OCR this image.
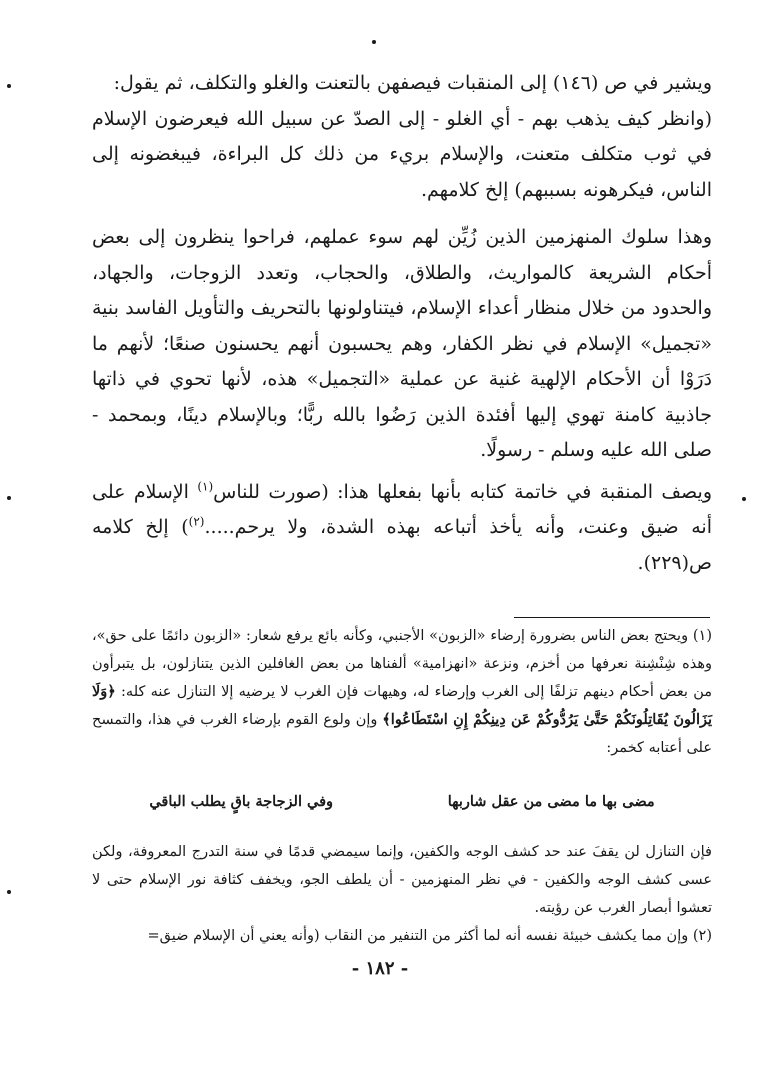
ويشير في ص (١٤٦) إلى المنقبات فيصفهن بالتعنت والغلو والتكلف، ثم يقول:

(وانظر كيف يذهب بهم - أي الغلو - إلى الصدّ عن سبيل الله فيعرضون الإسلام في ثوب متكلف متعنت، والإسلام بريء من ذلك كل البراءة، فيبغضونه إلى الناس، فيكرهونه بسببهم) إلخ كلامهم.

وهذا سلوك المنهزمين الذين زُيِّن لهم سوء عملهم، فراحوا ينظرون إلى بعض أحكام الشريعة كالمواريث، والطلاق، والحجاب، وتعدد الزوجات، والجهاد، والحدود من خلال منظار أعداء الإسلام، فيتناولونها بالتحريف والتأويل الفاسد بنية «تجميل» الإسلام في نظر الكفار، وهم يحسبون أنهم يحسنون صنعًا؛ لأنهم ما دَرَوْا أن الأحكام الإلهية غنية عن عملية «التجميل» هذه، لأنها تحوي في ذاتها جاذبية كامنة تهوي إليها أفئدة الذين رَضُوا بالله ربًّا؛ وبالإسلام دينًا، وبمحمد - صلى الله عليه وسلم - رسولًا.

ويصف المنقبة في خاتمة كتابه بأنها بفعلها هذا: (صورت للناس$^{(١)}$ الإسلام على أنه ضيق وعنت، وأنه يأخذ أتباعه بهذه الشدة، ولا يرحم.....$^{(٢)}$) إلخ كلامه ص(٢٢٩).

(١) ويحتج بعض الناس بضرورة إرضاء «الزبون» الأجنبي، وكأنه بائع يرفع شعار: «الزبون دائمًا على حق»، وهذه شِنْشِنة نعرفها من أخزم، ونزعة «انهزامية» ألفناها من بعض الغافلين الذين يتنازلون، بل يتبرأون من بعض أحكام دينهم تزلفًا إلى الغرب وإرضاء له، وهيهات فإن الغرب لا يرضيه إلا التنازل عنه كله: ﴿وَلَا يَزَالُونَ يُقَاتِلُونَكُمْ حَتَّىٰ يَرُدُّوكُمْ عَن دِينِكُمْ إِنِ اسْتَطَاعُوا﴾ وإن ولوع القوم بإرضاء الغرب في هذا، والتمسح على أعتابه كخمر:

مضى بها ما مضى من عقل شاربها
وفي الزجاجة باقٍ يطلب الباقي

فإن التنازل لن يقفَ عند حد كشف الوجه والكفين، وإنما سيمضي قدمًا في سنة التدرج المعروفة، ولكن عسى كشف الوجه والكفين - في نظر المنهزمين - أن يلطف الجو، ويخفف كثافة نور الإسلام حتى لا تعشوا أبصار الغرب عن رؤيته.

(٢) وإن مما يكشف خبيئة نفسه أنه لما أكثر من التنفير من النقاب (وأنه يعني أن الإسلام ضيق=

- ١٨٢ -
